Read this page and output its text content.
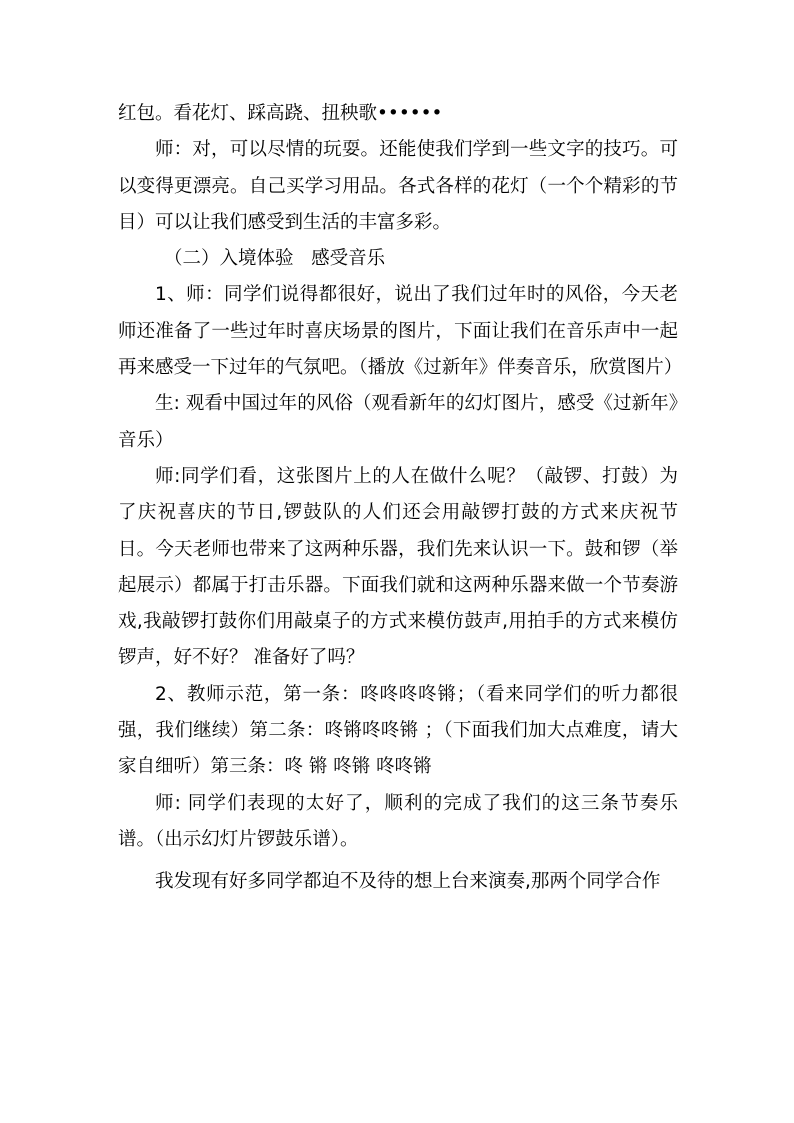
红包。看花灯、踩高跷、扭秧歌••••••

师：对，可以尽情的玩耍。还能使我们学到一些文字的技巧。可以变得更漂亮。自己买学习用品。各式各样的花灯（一个个精彩的节目）可以让我们感受到生活的丰富多彩。

（二）入境体验   感受音乐

1、师：同学们说得都很好，说出了我们过年时的风俗，今天老师还准备了一些过年时喜庆场景的图片，下面让我们在音乐声中一起再来感受一下过年的气氛吧。（播放《过新年》伴奏音乐，欣赏图片）

生: 观看中国过年的风俗（观看新年的幻灯图片，感受《过新年》音乐）

师:同学们看，这张图片上的人在做什么呢？（敲锣、打鼓）为了庆祝喜庆的节日,锣鼓队的人们还会用敲锣打鼓的方式来庆祝节日。今天老师也带来了这两种乐器，我们先来认识一下。鼓和锣（举起展示）都属于打击乐器。下面我们就和这两种乐器来做一个节奏游戏,我敲锣打鼓你们用敲桌子的方式来模仿鼓声,用拍手的方式来模仿锣声，好不好？ 准备好了吗？

2、教师示范，第一条：咚咚咚咚锵；（看来同学们的听力都很强，我们继续）第二条：咚锵咚咚锵 ；（下面我们加大点难度，请大家自细听）第三条：咚 锵 咚锵 咚咚锵

师: 同学们表现的太好了，顺利的完成了我们的这三条节奏乐谱。（出示幻灯片锣鼓乐谱）。

我发现有好多同学都迫不及待的想上台来演奏,那两个同学合作
